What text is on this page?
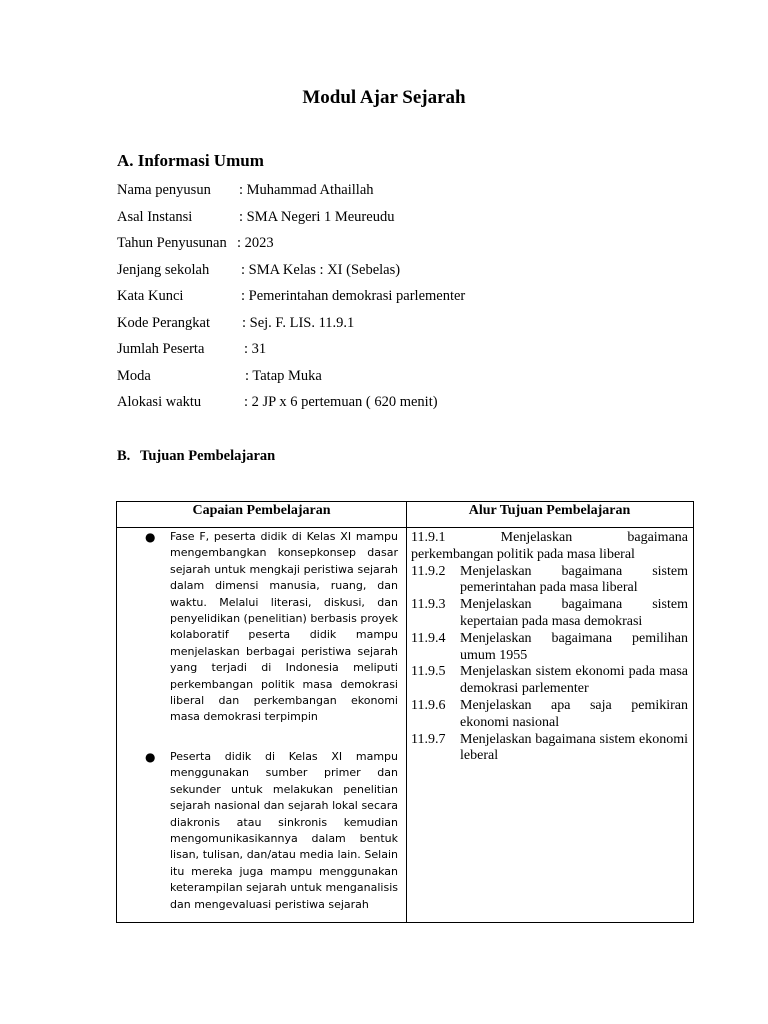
Modul Ajar Sejarah
A. Informasi Umum
Nama penyusun : Muhammad Athaillah
Asal Instansi	: SMA Negeri 1 Meureudu
Tahun Penyusunan : 2023
Jenjang sekolah : SMA Kelas : XI (Sebelas)
Kata Kunci	: Pemerintahan demokrasi parlementer
Kode Perangkat : Sej. F. LIS. 11.9.1
Jumlah Peserta	: 31
Moda	: Tatap Muka
Alokasi waktu	: 2 JP x 6 pertemuan ( 620 menit)
B. Tujuan Pembelajaran
Capaian Pembelajaran	Alur Tujuan Pembelajaran
● Fase F, peserta didik di Kelas XI mampu mengembangkan konsepkonsep dasar sejarah untuk mengkaji peristiwa sejarah dalam dimensi manusia, ruang, dan waktu. Melalui literasi, diskusi, dan penyelidikan (penelitian) berbasis proyek kolaboratif peserta didik mampu menjelaskan berbagai peristiwa sejarah yang terjadi di Indonesia meliputi perkembangan politik masa demokrasi liberal dan perkembangan ekonomi masa demokrasi terpimpin
● Peserta didik di Kelas XI mampu menggunakan sumber primer dan sekunder untuk melakukan penelitian sejarah nasional dan sejarah lokal secara diakronis atau sinkronis kemudian mengomunikasikannya dalam bentuk lisan, tulisan, dan/atau media lain. Selain itu mereka juga mampu menggunakan keterampilan sejarah untuk menganalisis dan mengevaluasi peristiwa sejarah
11.9.1	Menjelaskan	bagaimana
perkembangan politik pada masa liberal
11.9.2 Menjelaskan bagaimana sistem pemerintahan pada masa liberal
11.9.3 Menjelaskan bagaimana sistem kepertaian pada masa demokrasi
11.9.4 Menjelaskan bagaimana pemilihan umum 1955
11.9.5 Menjelaskan sistem ekonomi pada masa demokrasi parlementer
11.9.6 Menjelaskan apa saja pemikiran ekonomi nasional
11.9.7 Menjelaskan bagaimana sistem ekonomi leberal
